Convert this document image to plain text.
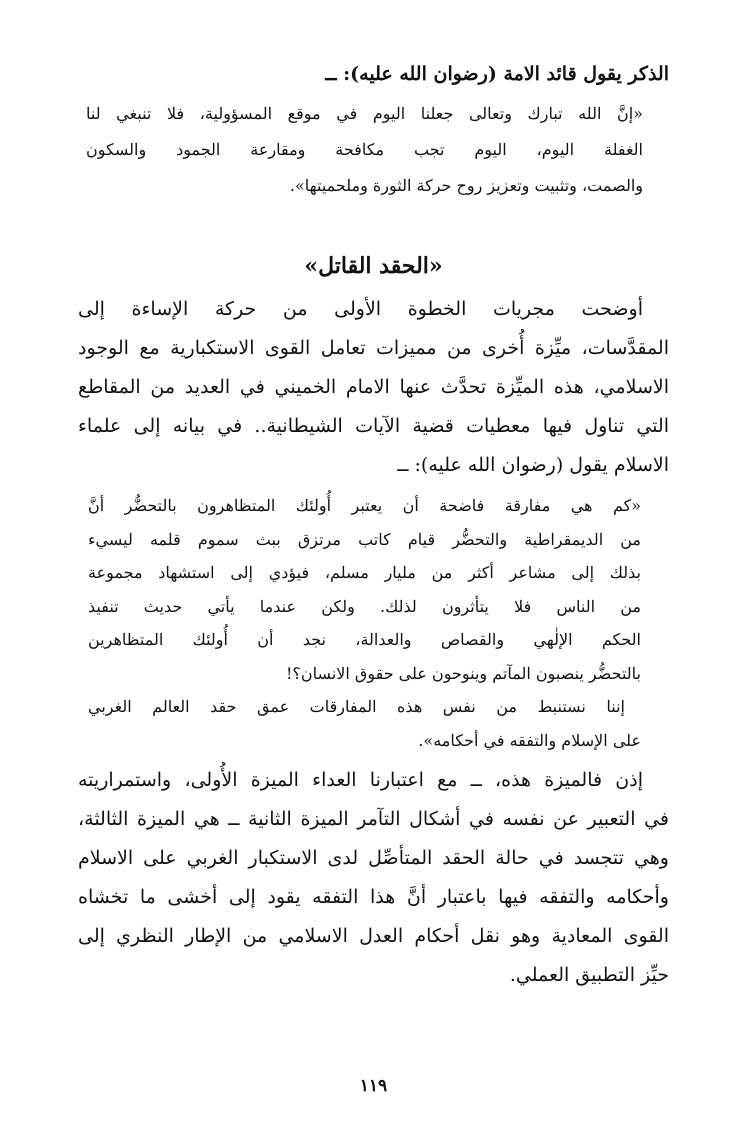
الذكر يقول قائد الامة (رضوان الله عليه): ــ
«إنَّ الله تبارك وتعالى جعلنا اليوم في موقع المسؤولية، فلا تنبغي لنا
الغفلة اليوم، اليوم تجب مكافحة ومقارعة الجمود والسكون
والصمت، وتثبيت وتعزيز روح حركة الثورة وملحميتها».
«الحقد القاتل»
أوضحت مجريات الخطوة الأولى من حركة الإساءة إلى
المقدَّسات، ميِّزة أُخرى من مميزات تعامل القوى الاستكبارية مع الوجود
الاسلامي، هذه الميِّزة تحدَّث عنها الامام الخميني في العديد من المقاطع
التي تناول فيها معطيات قضية الآيات الشيطانية.. في بيانه إلى علماء
الاسلام يقول (رضوان الله عليه): ــ
«كم هي مفارقة فاضحة أن يعتبر أُولئك المتظاهرون بالتحضُّر أنَّ
من الديمقراطية والتحضُّر قيام كاتب مرتزق ببث سموم قلمه ليسيء
بذلك إلى مشاعر أكثر من مليار مسلم، فيؤدي إلى استشهاد مجموعة
من الناس فلا يتأثرون لذلك. ولكن عندما يأتي حديث تنفيذ
الحكم الإلٰهي والقصاص والعدالة، نجد أن أُولئك المتظاهرين
بالتحضُّر ينصبون المآتم وينوحون على حقوق الانسان؟!
إننا نستنبط من نفس هذه المفارقات عمق حقد العالم الغربي
على الإسلام والتفقه في أحكامه».
إذن فالميزة هذه، ــ مع اعتبارنا العداء الميزة الأُولى، واستمراريته
في التعبير عن نفسه في أشكال التآمر الميزة الثانية ــ هي الميزة الثالثة،
وهي تتجسد في حالة الحقد المتأصِّل لدى الاستكبار الغربي على الاسلام
وأحكامه والتفقه فيها باعتبار أنَّ هذا التفقه يقود إلى أخشى ما تخشاه
القوى المعادية وهو نقل أحكام العدل الاسلامي من الإطار النظري إلى
حيِّز التطبيق العملي.
١١٩
